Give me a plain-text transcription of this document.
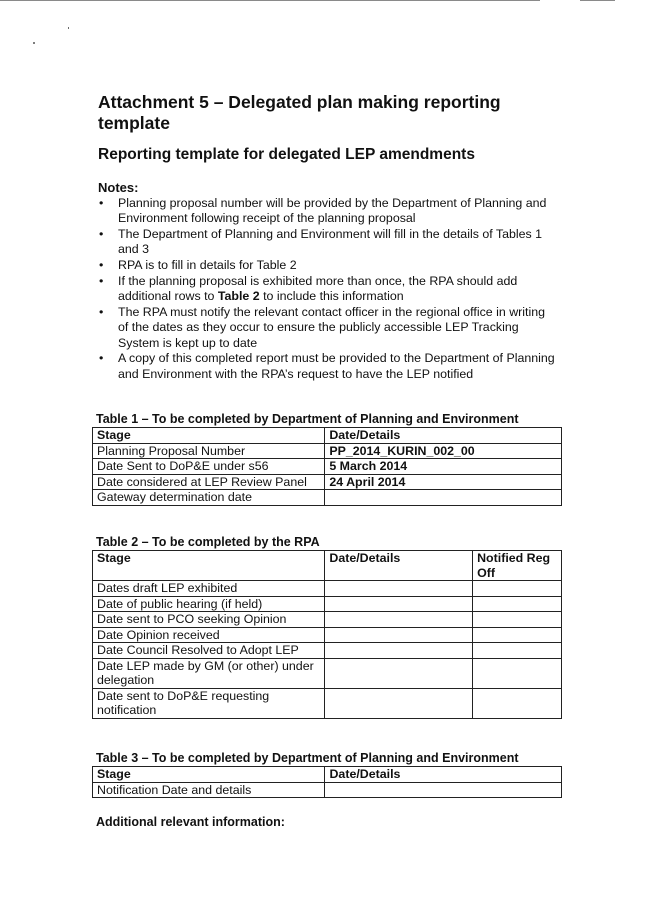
Attachment 5 – Delegated plan making reporting template
Reporting template for delegated LEP amendments
Notes:
• Planning proposal number will be provided by the Department of Planning and Environment following receipt of the planning proposal
• The Department of Planning and Environment will fill in the details of Tables 1 and 3
• RPA is to fill in details for Table 2
• If the planning proposal is exhibited more than once, the RPA should add additional rows to Table 2 to include this information
• The RPA must notify the relevant contact officer in the regional office in writing of the dates as they occur to ensure the publicly accessible LEP Tracking System is kept up to date
• A copy of this completed report must be provided to the Department of Planning and Environment with the RPA’s request to have the LEP notified
Table 1 – To be completed by Department of Planning and Environment
Stage	Date/Details
Planning Proposal Number	PP_2014_KURIN_002_00
Date Sent to DoP&E under s56	5 March 2014
Date considered at LEP Review Panel	24 April 2014
Gateway determination date	
Table 2 – To be completed by the RPA
Stage	Date/Details	Notified Reg Off
Dates draft LEP exhibited		
Date of public hearing (if held)		
Date sent to PCO seeking Opinion		
Date Opinion received		
Date Council Resolved to Adopt LEP		
Date LEP made by GM (or other) under delegation		
Date sent to DoP&E requesting notification		
Table 3 – To be completed by Department of Planning and Environment
Stage	Date/Details
Notification Date and details	
Additional relevant information:
